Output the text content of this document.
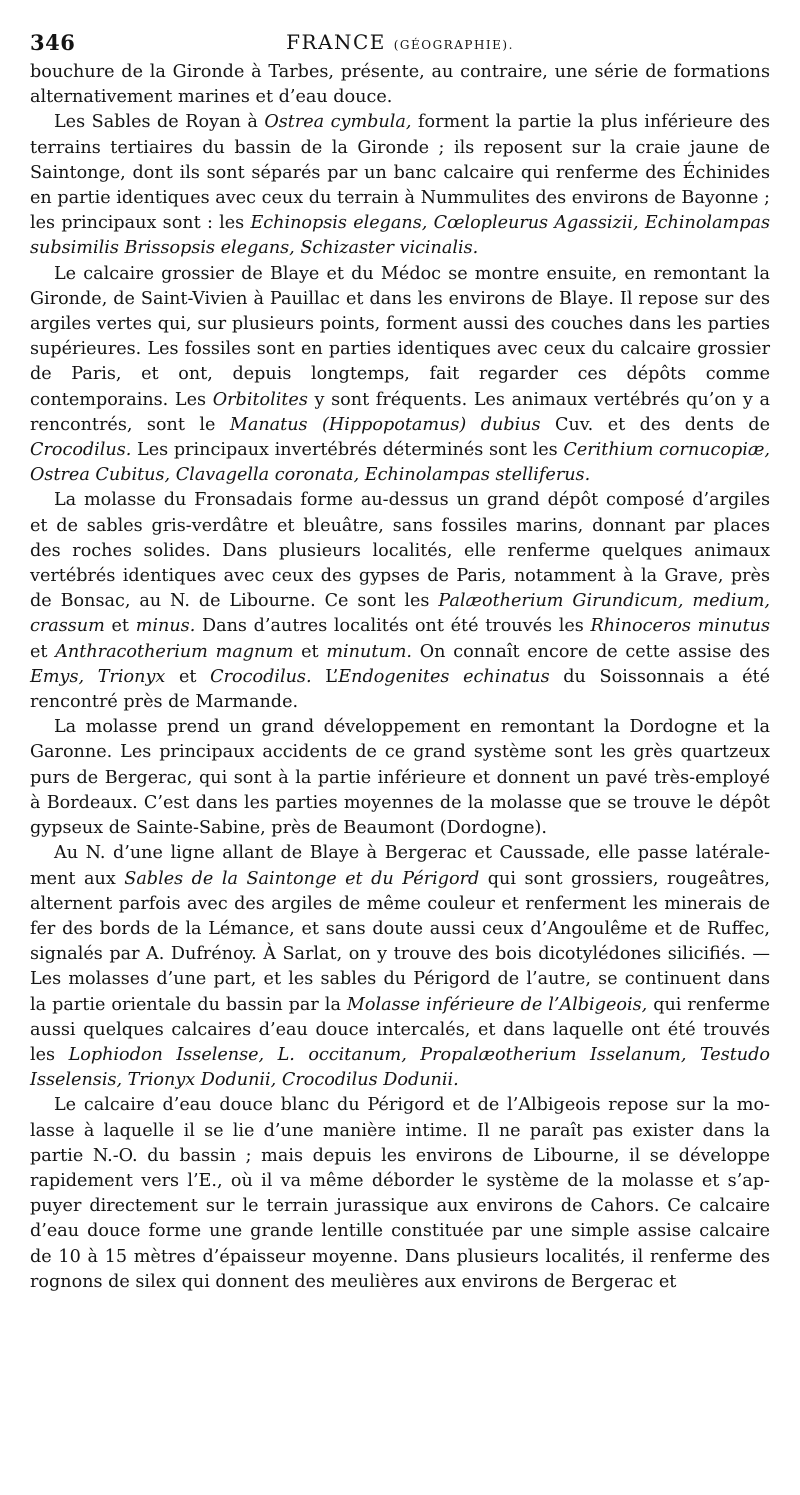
346	FRANCE (GÉOGRAPHIE).

bouchure de la Gironde à Tarbes, présente, au contraire, une série de formations alternativement marines et d’eau douce.

Les Sables de Royan à Ostrea cymbula, forment la partie la plus inférieure des terrains tertiaires du bassin de la Gironde ; ils reposent sur la craie jaune de Saintonge, dont ils sont séparés par un banc calcaire qui renferme des Échinides en partie identiques avec ceux du terrain à Nummulites des environs de Bayonne ; les principaux sont : les Echinopsis elegans, Cœlopleurus Agassizii, Echinolampas subsimilis Brissopsis elegans, Schizaster vicinalis.

Le calcaire grossier de Blaye et du Médoc se montre ensuite, en remontant la Gironde, de Saint-Vivien à Pauillac et dans les environs de Blaye. Il repose sur des argiles vertes qui, sur plusieurs points, forment aussi des couches dans les parties supérieures. Les fossiles sont en parties identiques avec ceux du calcaire grossier de Paris, et ont, depuis longtemps, fait regarder ces dépôts comme contemporains. Les Orbitolites y sont fréquents. Les animaux vertébrés qu’on y a rencontrés, sont le Manatus (Hippopotamus) dubius Cuv. et des dents de Crocodilus. Les principaux invertébrés déterminés sont les Cerithium cornucopiæ, Ostrea Cubitus, Clavagella coronata, Echinolampas stelliferus.

La molasse du Fronsadais forme au-dessus un grand dépôt composé d’argiles et de sables gris-verdâtre et bleuâtre, sans fossiles marins, donnant par places des roches solides. Dans plusieurs localités, elle renferme quelques animaux vertébrés identiques avec ceux des gypses de Paris, notamment à la Grave, près de Bonsac, au N. de Libourne. Ce sont les Palæotherium Girundicum, medium, crassum et minus. Dans d’autres localités ont été trouvés les Rhinoceros minutus et Anthracotherium magnum et minutum. On connaît encore de cette assise des Emys, Trionyx et Crocodilus. L’Endogenites echinatus du Soissonnais a été rencontré près de Marmande.

La molasse prend un grand développement en remontant la Dordogne et la Garonne. Les principaux accidents de ce grand système sont les grès quartzeux purs de Bergerac, qui sont à la partie inférieure et donnent un pavé très-employé à Bordeaux. C’est dans les parties moyennes de la molasse que se trouve le dépôt gypseux de Sainte-Sabine, près de Beaumont (Dordogne).

Au N. d’une ligne allant de Blaye à Bergerac et Caussade, elle passe latéralement aux Sables de la Saintonge et du Périgord qui sont grossiers, rougeâtres, alternent parfois avec des argiles de même couleur et renferment les minerais de fer des bords de la Lémance, et sans doute aussi ceux d’Angoulême et de Ruffec, signalés par A. Dufrénoy. À Sarlat, on y trouve des bois dicotylédones silicifiés. — Les molasses d’une part, et les sables du Périgord de l’autre, se continuent dans la partie orientale du bassin par la Molasse inférieure de l’Albigeois, qui renferme aussi quelques calcaires d’eau douce intercalés, et dans laquelle ont été trouvés les Lophiodon Isselense, L. occitanum, Propalæotherium Isselanum, Testudo Isselensis, Trionyx Dodunii, Crocodilus Dodunii.

Le calcaire d’eau douce blanc du Périgord et de l’Albigeois repose sur la molasse à laquelle il se lie d’une manière intime. Il ne paraît pas exister dans la partie N.-O. du bassin ; mais depuis les environs de Libourne, il se développe rapidement vers l’E., où il va même déborder le système de la molasse et s’appuyer directement sur le terrain jurassique aux environs de Cahors. Ce calcaire d’eau douce forme une grande lentille constituée par une simple assise calcaire de 10 à 15 mètres d’épaisseur moyenne. Dans plusieurs localités, il renferme des rognons de silex qui donnent des meulières aux environs de Bergerac et
